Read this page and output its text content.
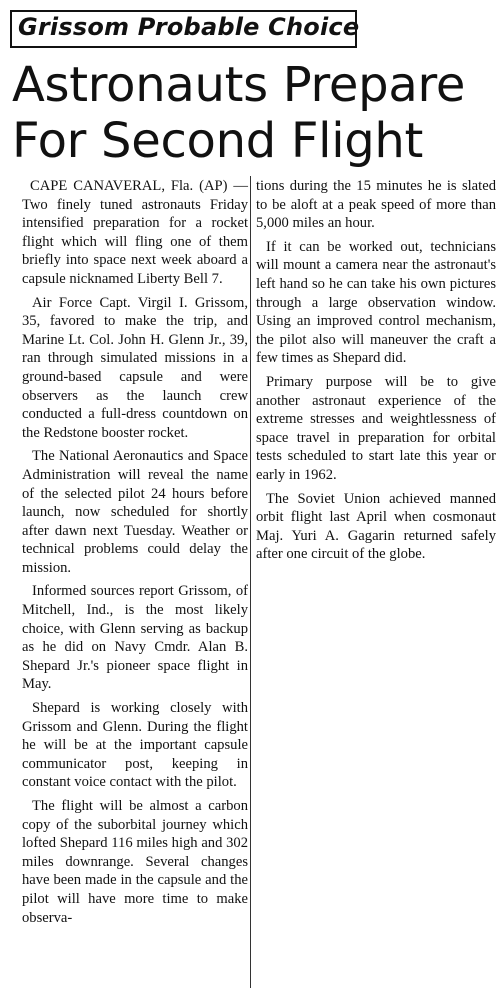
Grissom Probable Choice
Astronauts Prepare
For Second Flight

CAPE CANAVERAL, Fla. (AP) —Two finely tuned astronauts Friday intensified preparation for a rocket flight which will fling one of them briefly into space next week aboard a capsule nicknamed Liberty Bell 7.

Air Force Capt. Virgil I. Grissom, 35, favored to make the trip, and Marine Lt. Col. John H. Glenn Jr., 39, ran through simulated missions in a ground-based capsule and were observers as the launch crew conducted a full-dress countdown on the Redstone booster rocket.

The National Aeronautics and Space Administration will reveal the name of the selected pilot 24 hours before launch, now scheduled for shortly after dawn next Tuesday. Weather or technical problems could delay the mission.

Informed sources report Grissom, of Mitchell, Ind., is the most likely choice, with Glenn serving as backup as he did on Navy Cmdr. Alan B. Shepard Jr.'s pioneer space flight in May.

Shepard is working closely with Grissom and Glenn. During the flight he will be at the important capsule communicator post, keeping in constant voice contact with the pilot.

The flight will be almost a carbon copy of the suborbital journey which lofted Shepard 116 miles high and 302 miles downrange. Several changes have been made in the capsule and the pilot will have more time to make observa-

tions during the 15 minutes he is slated to be aloft at a peak speed of more than 5,000 miles an hour.

If it can be worked out, technicians will mount a camera near the astronaut's left hand so he can take his own pictures through a large observation window. Using an improved control mechanism, the pilot also will maneuver the craft a few times as Shepard did.

Primary purpose will be to give another astronaut experience of the extreme stresses and weightlessness of space travel in preparation for orbital tests scheduled to start late this year or early in 1962.

The Soviet Union achieved manned orbit flight last April when cosmonaut Maj. Yuri A. Gagarin returned safely after one circuit of the globe.
